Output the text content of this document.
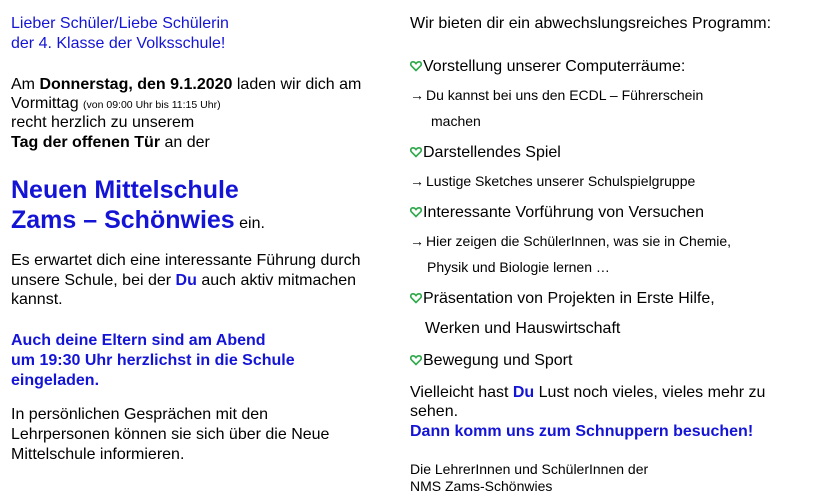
Lieber Schüler/Liebe Schülerin

der 4. Klasse der Volksschule!

Am Donnerstag, den 9.1.2020 laden wir dich am

Vormittag (von 09:00 Uhr bis 11:15 Uhr)

recht herzlich zu unserem

Tag der offenen Tür an der

Neuen Mittelschule

Zams – Schönwies ein.

Es erwartet dich eine interessante Führung durch

unsere Schule, bei der Du auch aktiv mitmachen

kannst.

Auch deine Eltern sind am Abend

um 19:30 Uhr herzlichst in die Schule

eingeladen.

In persönlichen Gesprächen mit den

Lehrpersonen können sie sich über die Neue

Mittelschule informieren.

Wir bieten dir ein abwechslungsreiches Programm:

Vorstellung unserer Computerräume:

→ Du kannst bei uns den ECDL – Führerschein

machen

Darstellendes Spiel

→ Lustige Sketches unserer Schulspielgruppe

Interessante Vorführung von Versuchen

→ Hier zeigen die SchülerInnen, was sie in Chemie,

Physik und Biologie lernen …

Präsentation von Projekten in Erste Hilfe,

Werken und Hauswirtschaft

Bewegung und Sport

Vielleicht hast Du Lust noch vieles, vieles mehr zu

sehen.

Dann komm uns zum Schnuppern besuchen!

Die LehrerInnen und SchülerInnen der

NMS Zams-Schönwies
